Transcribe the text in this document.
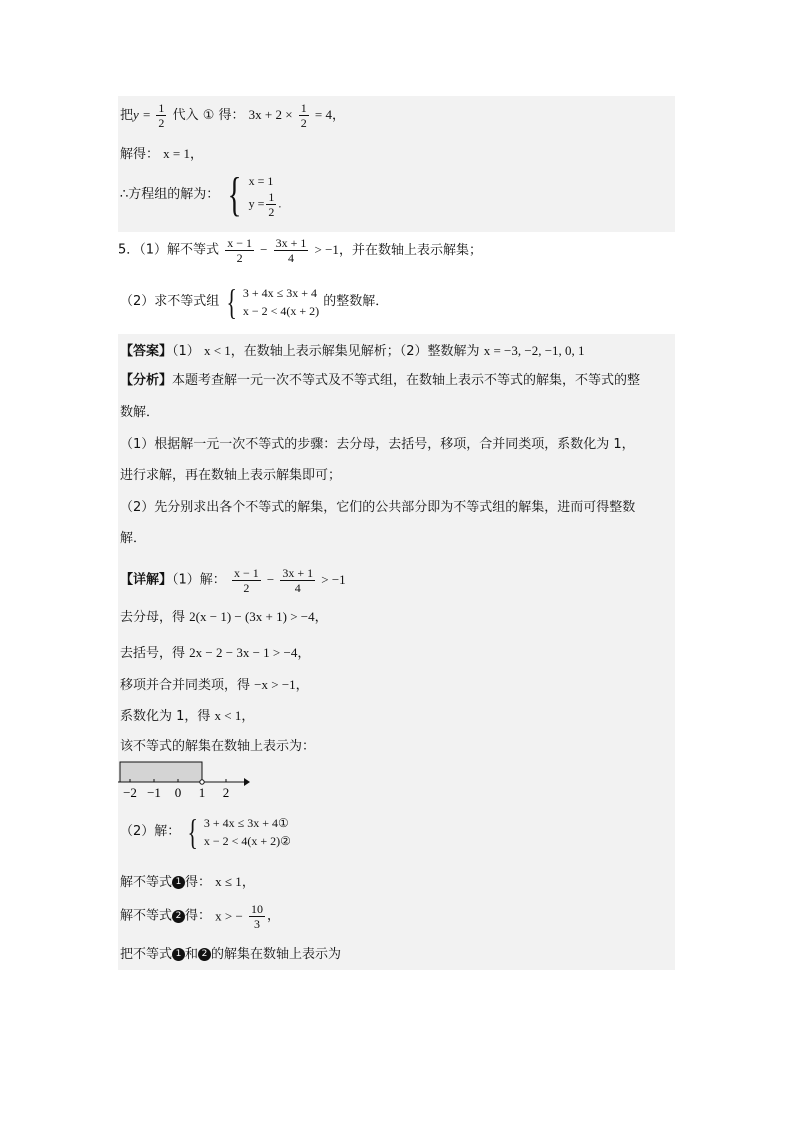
把$y = \frac{1}{2}$ 代入 ① 得： $3x + 2 \times \frac{1}{2} = 4$，
解得： x = 1，
∴方程组的解为： { x = 1
$y = \frac{1}{2}$ .
5．（1）解不等式 $\frac{x - 1}{2} - \frac{3x + 1}{4} > -1$，并在数轴上表示解集；
（2）求不等式组 { 3 + 4x ≤ 3x + 4
x − 2 < 4(x + 2)
的整数解．
【答案】（1） x < 1，在数轴上表示解集见解析；（2）整数解为 x = −3, −2, −1, 0, 1
【分析】本题考查解一元一次不等式及不等式组，在数轴上表示不等式的解集，不等式的整
数解．
（1）根据解一元一次不等式的步骤：去分母，去括号，移项，合并同类项，系数化为 1，
进行求解，再在数轴上表示解集即可；
（2）先分别求出各个不等式的解集，它们的公共部分即为不等式组的解集，进而可得整数
解．
【详解】（1）解： $\frac{x - 1}{2} - \frac{3x + 1}{4} > -1$
去分母，得 2(x − 1) − (3x + 1) > −4，
去括号，得 2x − 2 − 3x − 1 > −4，
移项并合并同类项，得 −x > −1，
系数化为 1，得 x < 1，
该不等式的解集在数轴上表示为：
−2 −1 0 1 2
（2）解： { 3 + 4x ≤ 3x + 4①
x − 2 < 4(x + 2)②
解不等式 1 得： x ≤ 1，
解不等式 2 得： x > − $\frac{10}{3}$ ，
把不等式 1 和 2 的解集在数轴上表示为
